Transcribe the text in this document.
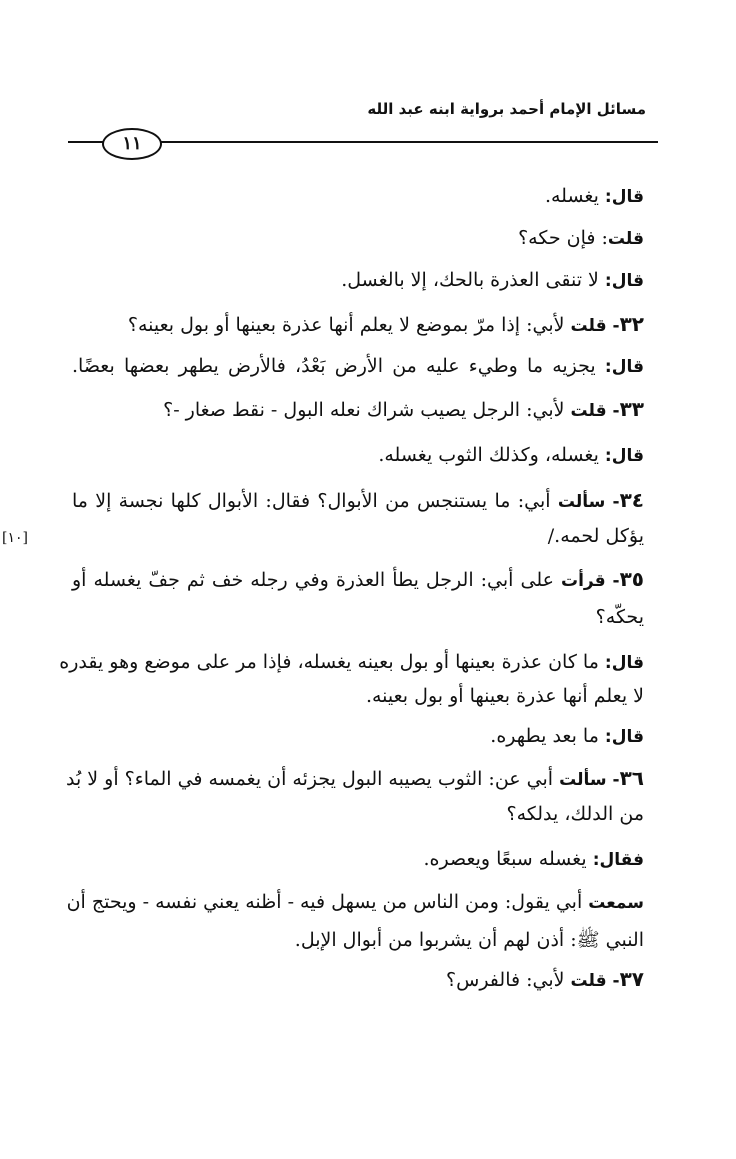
مسائل الإمام أحمد برواية ابنه عبد الله
١١
[١٠]
قال: يغسله.
قلت: فإن حكه؟
قال: لا تنقى العذرة بالحك، إلا بالغسل.
٣٢- قلت لأبي: إذا مرّ بموضع لا يعلم أنها عذرة بعينها أو بول بعينه؟
قال: يجزيه ما وطيء عليه من الأرض بَعْدُ، فالأرض يطهر بعضها بعضًا.
٣٣- قلت لأبي: الرجل يصيب شراك نعله البول - نقط صغار -؟
قال: يغسله، وكذلك الثوب يغسله.
٣٤- سألت أبي: ما يستنجس من الأبوال؟ فقال: الأبوال كلها نجسة إلا ما
يؤكل لحمه./
٣٥- قرأت على أبي: الرجل يطأ العذرة وفي رجله خف ثم جفّ يغسله أو
يحكّه؟
قال: ما كان عذرة بعينها أو بول بعينه يغسله، فإذا مر على موضع وهو يقدره
لا يعلم أنها عذرة بعينها أو بول بعينه.
قال: ما بعد يطهره.
٣٦- سألت أبي عن: الثوب يصيبه البول يجزئه أن يغمسه في الماء؟ أو لا بُد
من الدلك، يدلكه؟
فقال: يغسله سبعًا ويعصره.
سمعت أبي يقول: ومن الناس من يسهل فيه - أظنه يعني نفسه - ويحتج أن
النبي ﷺ: أذن لهم أن يشربوا من أبوال الإبل.
٣٧- قلت لأبي: فالفرس؟
